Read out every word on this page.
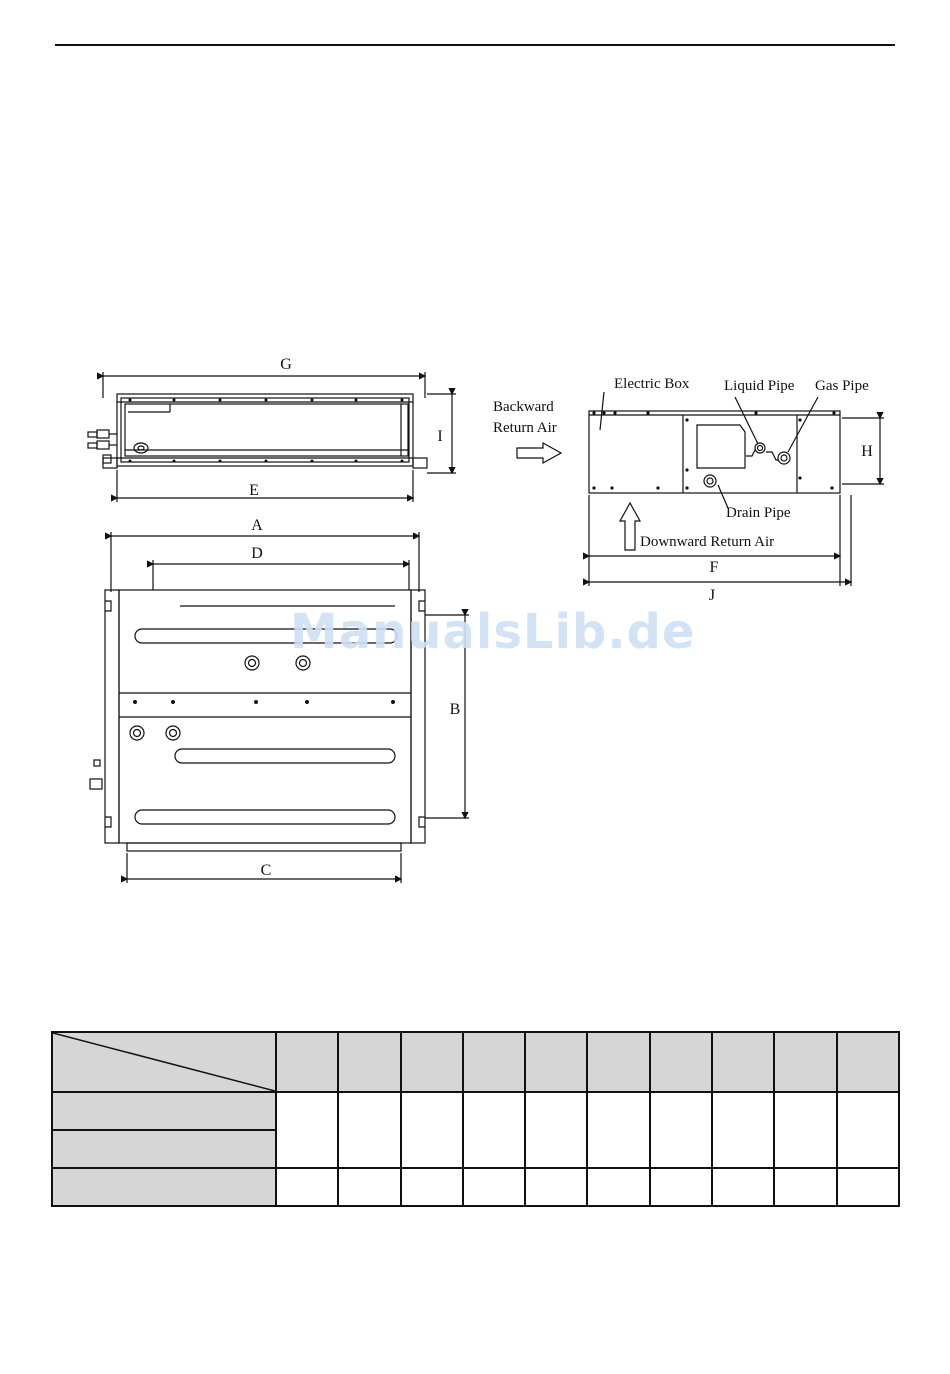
G
I
E
A
D
B
C
H
F
J
Electric Box Liquid Pipe Gas Pipe
Backward
Return Air
Drain Pipe
Downward Return Air
ManualsLib.de
